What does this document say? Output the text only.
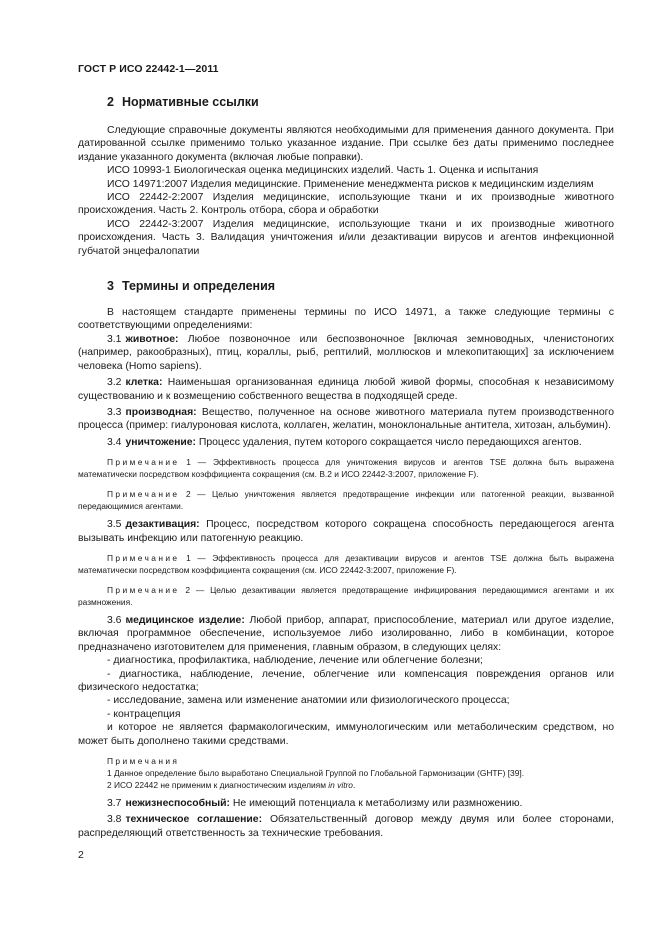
ГОСТ Р ИСО 22442-1—2011
2 Нормативные ссылки

Следующие справочные документы являются необходимыми для применения данного документа. При датированной ссылке применимо только указанное издание. При ссылке без даты применимо последнее издание указанного документа (включая любые поправки).

ИСО 10993-1 Биологическая оценка медицинских изделий. Часть 1. Оценка и испытания

ИСО 14971:2007 Изделия медицинские. Применение менеджмента рисков к медицинским изделиям

ИСО 22442-2:2007 Изделия медицинские, использующие ткани и их производные животного происхождения. Часть 2. Контроль отбора, сбора и обработки

ИСО 22442-3:2007 Изделия медицинские, использующие ткани и их производные животного происхождения. Часть 3. Валидация уничтожения и/или дезактивации вирусов и агентов инфекционной губчатой энцефалопатии

3 Термины и определения

В настоящем стандарте применены термины по ИСО 14971, а также следующие термины с соответствующими определениями:

3.1 животное: Любое позвоночное или беспозвоночное [включая земноводных, членистоногих (например, ракообразных), птиц, кораллы, рыб, рептилий, моллюсков и млекопитающих] за исключением человека (Homo sapiens).

3.2 клетка: Наименьшая организованная единица любой живой формы, способная к независимому существованию и к возмещению собственного вещества в подходящей среде.

3.3 производная: Вещество, полученное на основе животного материала путем производственного процесса (пример: гиалуроновая кислота, коллаген, желатин, моноклональные антитела, хитозан, альбумин).

3.4 уничтожение: Процесс удаления, путем которого сокращается число передающихся агентов.

Примечание 1 — Эффективность процесса для уничтожения вирусов и агентов TSE должна быть выражена математически посредством коэффициента сокращения (см. В.2 и ИСО 22442-3:2007, приложение F).

Примечание 2 — Целью уничтожения является предотвращение инфекции или патогенной реакции, вызванной передающимися агентами.

3.5 дезактивация: Процесс, посредством которого сокращена способность передающегося агента вызывать инфекцию или патогенную реакцию.

Примечание 1 — Эффективность процесса для дезактивации вирусов и агентов TSE должна быть выражена математически посредством коэффициента сокращения (см. ИСО 22442-3:2007, приложение F).

Примечание 2 — Целью дезактивации является предотвращение инфицирования передающимися агентами и их размножения.

3.6 медицинское изделие: Любой прибор, аппарат, приспособление, материал или другое изделие, включая программное обеспечение, используемое либо изолированно, либо в комбинации, которое предназначено изготовителем для применения, главным образом, в следующих целях:

- диагностика, профилактика, наблюдение, лечение или облегчение болезни;

- диагностика, наблюдение, лечение, облегчение или компенсация повреждения органов или физического недостатка;

- исследование, замена или изменение анатомии или физиологического процесса;

- контрацепция

и которое не является фармакологическим, иммунологическим или метаболическим средством, но может быть дополнено такими средствами.

Примечания

1 Данное определение было выработано Специальной Группой по Глобальной Гармонизации (GHTF) [39].

2 ИСО 22442 не применим к диагностическим изделиям in vitro.

3.7 нежизнеспособный: Не имеющий потенциала к метаболизму или размножению.

3.8 техническое соглашение: Обязательственный договор между двумя или более сторонами, распределяющий ответственность за технические требования.

2
